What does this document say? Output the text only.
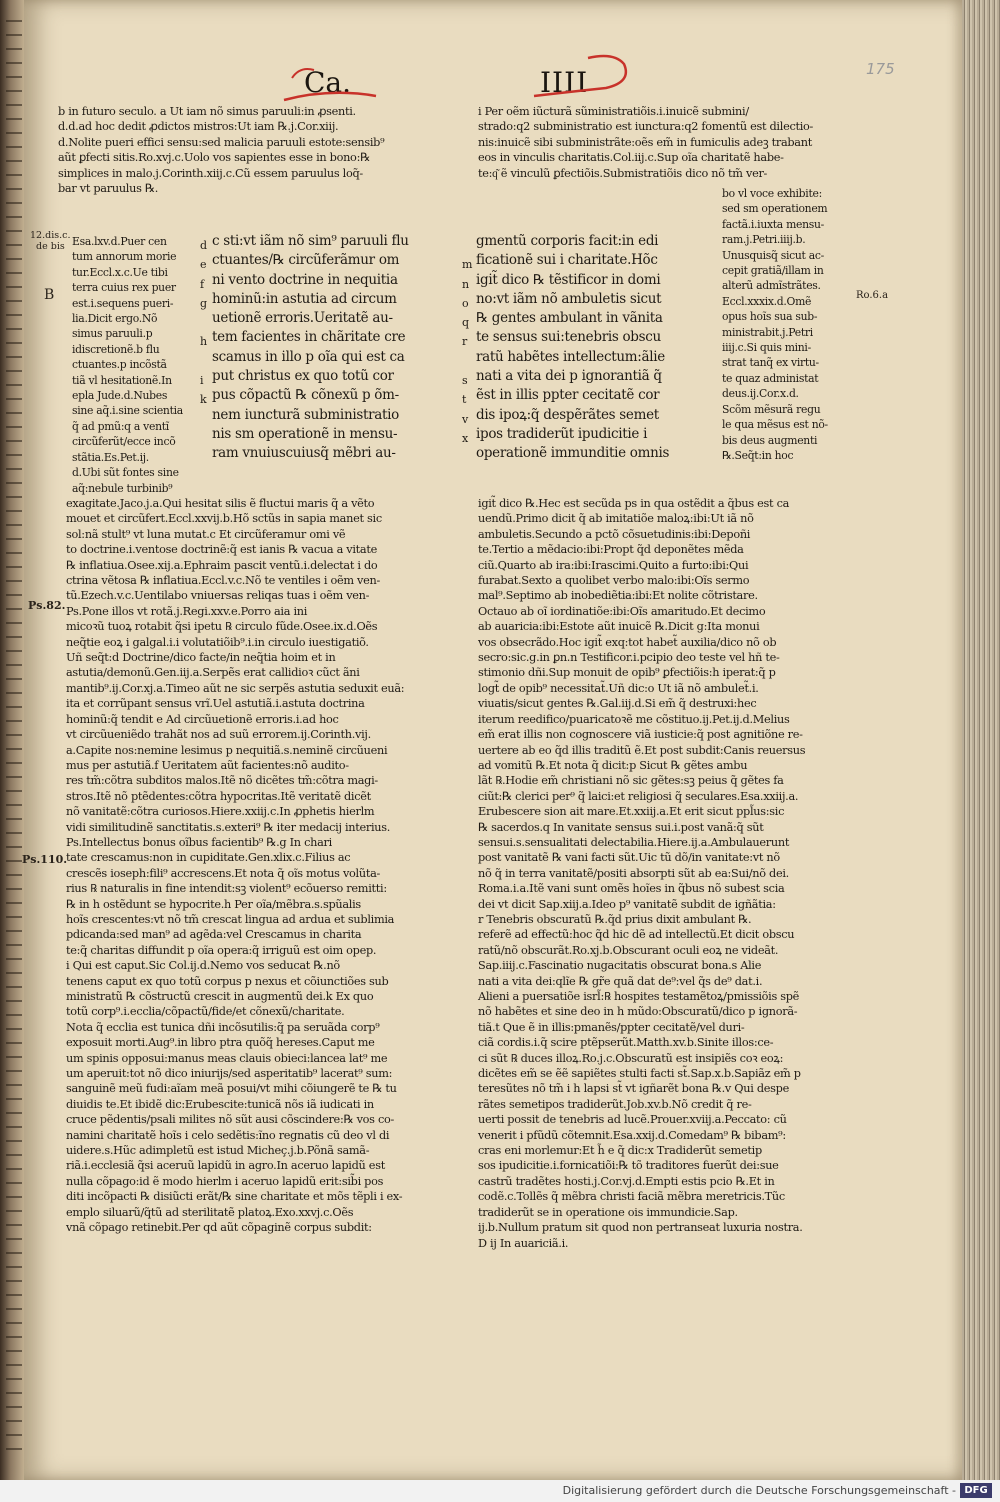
175
Ca.	IIII
b in futuro seculo. a Ut iam nõ simus paruuli:in ꝓsenti.
d.d.ad hoc dedit ꝓdictos mistros:Ut iam ℞.j.Cor.xiij.
d.Nolite pueri effici sensu:sed malicia paruuli estote:sensib⁹
aũt ꝑfecti sitis.Ro.xvj.c.Uolo vos sapientes esse in bono:℞
simplices in malo.j.Corinth.xiij.c.Cũ essem paruulus loq̃-
bar vt paruulus ℞.
i Per oẽm iũcturã sũministratiõis.i.inuicẽ submini/
strado:q2 subministratio est iunctura:q2 fomentũ est dilectio-
nis:inuicẽ sibi subministrãte:oẽs em̃ in fumiculis adeꝫ trabant
eos in vinculis charitatis.Col.iij.c.Sup oĩa charitatẽ habe-
te:q͂ ẽ vinculũ ꝑfectiõis.Submistratiõis dico nõ tm̃ ver-
12.dis.c.
de bis
B
Ps.82.
Ps.110.
Ro.6.a
Esa.lxv.d.Puer cen
tum annorum morie
tur.Eccl.x.c.Ue tibi
terra cuius rex puer
est.i.sequens pueri-
lia.Dicit ergo.Nõ
simus paruuli.p
idiscretionẽ.b flu
ctuantes.p incõstã
tiã vl hesitationẽ.In
epla Jude.d.Nubes
sine aq̃.i.sine scientia
q̃ ad pmũ:q a ventĩ
circũferũt/ecce incõ
stãtia.Es.Pet.ij.
d.Ubi sũt fontes sine
aq̃:nebule turbinib⁹
d
e
f
g

h

i
k
c sti:vt iãm nõ sim⁹ paruuli flu
ctuantes/℞ circũferãmur om
ni vento doctrine in nequitia
hominũ:in astutia ad circum
uetionẽ erroris.Ueritatẽ au-
tem facientes in chãritate cre
scamus in illo p oĩa qui est ca
put christus ex quo totũ cor
pus cõpactũ ℞ cõnexũ p õm-
nem iuncturã subministratio
nis sm operationẽ in mensu-
ram vnuiuscuiusq̃ mẽbri au-

m
n
o
q
r

s
t
v
x
gmentũ corporis facit:in edi
ficationẽ sui i charitate.Hõc
igit̃ dico ℞ tẽstificor in domi
no:vt iãm nõ ambuletis sicut
℞ gentes ambulant in vãnita
te sensus sui:tenebris obscu
ratũ habẽtes intellectum:ãlie
nati a vita dei p ignorantiã q̃
ẽst in illis ppter cecitatẽ cor
dis ipoꝝ:q̃ despẽrãtes semet
ipos tradiderũt ipudicitie i
operationẽ immunditie omnis
bo vl voce exhibite:
sed sm operationem
factã.i.iuxta mensu-
ram.j.Petri.iiij.b.
Unusquisq̃ sicut ac-
cepit gratiã/illam in
alterũ admĩstrãtes.
Eccl.xxxix.d.Omẽ
opus hoĩs sua sub-
ministrabit.j.Petri
iiij.c.Si quis mini-
strat tanq̃ ex virtu-
te quaz administat
deus.ij.Cor.x.d.
Scõm mẽsurã regu
le qua mẽsus est nõ-
bis deus augmenti
℞.Seq̃t:in hoc
exagitate.Jaco.j.a.Qui hesitat silis ẽ fluctui maris q̃ a vẽto
mouet et circũfert.Eccl.xxvij.b.Hõ sctũs in sapia manet sic
sol:nã stult⁹ vt luna mutat.c Et circũferamur omi vẽ
to doctrine.i.ventose doctrinẽ:q̃ est ianis ℞ vacua a vitate
℞ inflatiua.Osee.xij.a.Ephraim pascit ventũ.i.delectat i do
ctrina vẽtosa ℞ inflatiua.Eccl.v.c.Nõ te ventiles i oẽm ven-
tũ.Ezech.v.c.Uentilabo vniuersas reliqas tuas i oẽm ven-
Ps.Pone illos vt rotã.j.Regi.xxv.e.Porro aia ini
micoꝛũ tuoꝝ rotabit q̃si ipetu ℞ circulo fũde.Osee.ix.d.Oẽs
neq̃tie eoꝝ i galgal.i.i volutatiõib⁹.i.in circulo iuestigatiõ.
Uñ seq̃t:d Doctrine/dico facte/in neq̃tia hoim et in
astutia/demonũ.Gen.iij.a.Serpẽs erat callidioꝛ cũct ãni
mantib⁹.ij.Cor.xj.a.Timeo aũt ne sic serpẽs astutia seduxit euã:
ita et corrũpant sensus vrĩ.Uel astutiã.i.astuta doctrina
hominũ:q̃ tendit e Ad circũuetionẽ erroris.i.ad hoc
vt circũueniẽdo trahãt nos ad suũ errorem.ij.Corinth.vij.
a.Capite nos:nemine lesimus p nequitiã.s.neminẽ circũueni
mus per astutiã.f Ueritatem aũt facientes:nõ audito-
res tm̃:cõtra subditos malos.Itẽ nõ dicẽtes tm̃:cõtra magi-
stros.Itẽ nõ ptẽdentes:cõtra hypocritas.Itẽ veritatẽ dicẽt
nõ vanitatẽ:cõtra curiosos.Hiere.xxiij.c.In ꝓphetis hierlm
vidi similitudinẽ sanctitatis.s.exteri⁹ ℞ iter medacij interius.
Ps.Intellectus bonus oĩbus facientib⁹ ℞.g In chari
tate crescamus:non in cupiditate.Gen.xlix.c.Filius ac
crescẽs ioseph:fili⁹ accrescens.Et nota q̃ oĩs motus volũta-
rius ℞ naturalis in fine intendit:sꝫ violent⁹ ecõuerso remitti:
℞ in h ostẽdunt se hypocrite.h Per oĩa/mẽbra.s.spũalis
hoĩs crescentes:vt nõ tm̃ crescat lingua ad ardua et sublimia
pdicanda:sed man⁹ ad agẽda:vel Crescamus in charita
te:q̃ charitas diffundit p oĩa opera:q̃ irriguũ est oim opep.
i Qui est caput.Sic Col.ij.d.Nemo vos seducat ℞.nõ
tenens caput ex quo totũ corpus p nexus et cõiunctiões sub
ministratũ ℞ cõstructũ crescit in augmentũ dei.k Ex quo
totũ corp⁹.i.ecclia/cõpactũ/fide/et cõnexũ/charitate.
Nota q̃ ecclia est tunica dñi incõsutilis:q̃ pa seruãda corp⁹
exposuit morti.Aug⁹.in libro ptra quõq̃ hereses.Caput me
um spinis opposui:manus meas clauis obieci:lancea lat⁹ me
um aperuit:tot nõ dico iniurijs/sed asperitatib⁹ lacerat⁹ sum:
sanguinẽ meũ fudi:aĩam meã posui/vt mihi cõiungerẽ te ℞ tu
diuidis te.Et ibidẽ dic:Erubescite:tunicã nõs iã iudicati in
cruce pẽdentis/psali milites nõ sũt ausi cõscindere:℞ vos co-
namini charitatẽ hoĩs i celo sedẽtis:ĩno regnatis cũ deo vl di
uidere.s.Hũc adimpletũ est istud Micheç.j.b.Põnã samã-
riã.i.ecclesiã q̃si aceruũ lapidũ in agro.In aceruo lapidũ est
nulla cõpago:id ẽ modo hierlm i aceruo lapidũ erit:sib̃i pos
diti incõpacti ℞ disiũcti erãt/℞ sine charitate et mõs tẽpli i ex-
emplo siluarũ/q̃tũ ad sterilitatẽ platoꝝ.Exo.xxvj.c.Oẽs
vnã cõpago retinebit.Per qd aũt cõpaginẽ corpus subdit:
igit̃ dico ℞.Hec est secũda ps in qua ostẽdit a q̃bus est ca
uendũ.Primo dicit q̃ ab imitatiõe maloꝝ:ibi:Ut iã nõ
ambuletis.Secundo a pctõ cõsuetudinis:ibi:Depoñi
te.Tertio a mẽdacio:ibi:Propt q̃d deponẽtes mẽda
ciũ.Quarto ab ira:ibi:Irascimi.Quito a furto:ibi:Qui
furabat.Sexto a quolibet verbo malo:ibi:Oĩs sermo
mal⁹.Septimo ab inobediẽtia:ibi:Et nolite cõtristare.
Octauo ab oĩ iordinatiõe:ibi:Oĩs amaritudo.Et decimo
ab auaricia:ibi:Estote aũt inuicẽ ℞.Dicit g:Ita monui
vos obsecrãdo.Hoc igit̃ exq:tot habet̃ auxilia/dico nõ ob
secro:sic.g.in ꝑn.n Testificor.i.pcipio deo teste vel hñ te-
stimonio dñi.Sup monuit de opib⁹ ꝑfectiõis:h iperat:q̃ p
logt̃ de opib⁹ necessitat̃.Uñ dic:o Ut iã nõ ambulet̃.i.
viuatis/sicut gentes ℞.Gal.iij.d.Si em̃ q̃ destruxi:hec
iterum reedifico/puaricatoꝛẽ me cõstituo.ij.Pet.ij.d.Melius
em̃ erat illis non cognoscere viã iusticie:q̃ post agnitiõne re-
uertere ab eo q̃d illis traditũ ẽ.Et post subdit:Canis reuersus
ad vomitũ ℞.Et nota q̃ dicit:p Sicut ℞ gẽtes ambu
lãt ℞.Hodie em̃ christiani nõ sic gẽtes:sꝫ peius q̃ gẽtes fa
ciũt:℞ clerici per⁹ q̃ laici:et religiosi q̃ seculares.Esa.xxiij.a.
Erubescere sion ait mare.Et.xxiij.a.Et erit sicut ppl̃us:sic
℞ sacerdos.q In vanitate sensus sui.i.post vanã:q̃ sũt
sensui.s.sensualitati delectabilia.Hiere.ij.a.Ambulauerunt
post vanitatẽ ℞ vani facti sũt.Uic tũ dõ/in vanitate:vt nõ
nõ q̃ in terra vanitatẽ/positi absorpti sũt ab ea:Sui/nõ dei.
Roma.i.a.Itẽ vani sunt omẽs hoĩes in q̃bus nõ subest scia
dei vt dicit Sap.xiij.a.Ideo p⁹ vanitatẽ subdit de igñãtia:
r Tenebris obscuratũ ℞.q̃d prius dixit ambulant ℞.
referẽ ad effectũ:hoc q̃d hic dẽ ad intellectũ.Et dicit obscu
ratũ/nõ obscurãt.Ro.xj.b.Obscurant oculi eoꝝ ne videãt.
Sap.iiij.c.Fascinatio nugacitatis obscurat bona.s Alie
nati a vita dei:qlĩe ℞ gr̃e quã dat de⁹:vel q̃s de⁹ dat.i.
Alieni a puersatiõe isrl̃:℞ hospites testamẽtoꝝ/pmissiõis spẽ
nõ habẽtes et sine deo in h mũdo:Obscuratũ/dico p ignorã-
tiã.t Que ẽ in illis:pmanẽs/ppter cecitatẽ/vel duri-
ciã cordis.i.q̃ scire ptẽpserũt.Matth.xv.b.Sinite illos:ce-
ci sũt ℞ duces illoꝝ.Ro.j.c.Obscuratũ est insipiẽs coꝛ eoꝝ:
dicẽtes em̃ se ẽẽ sapiẽtes stulti facti st̃.Sap.x.b.Sapiãz em̃ p
teresũtes nõ tm̃ i h lapsi st̃ vt igñarẽt bona ℞.v Qui despe
rãtes semetipos tradiderũt.Job.xv.b.Nõ credit q̃ re-
uerti possit de tenebris ad lucẽ.Prouer.xviij.a.Peccato: cũ
venerit i pfũdũ cõtemnit.Esa.xxij.d.Comedam⁹ ℞ bibam⁹:
cras eni morlemur:Et h̃ e q̃ dic:x Tradiderũt semetip
sos ipudicitie.i.fornicatiõi:℞ tõ traditores fuerũt dei:sue
castrũ tradẽtes hosti.j.Cor.vj.d.Empti estis pcio ℞.Et in
codẽ.c.Tollẽs q̃ mẽbra christi faciã mẽbra meretricis.Tũc
tradiderũt se in operatione ois immundicie.Sap.
ij.b.Nullum pratum sit quod non pertranseat luxuria nostra.
D ij In auariciã.i.
Digitalisierung gefördert durch die Deutsche Forschungsgemeinschaft - DFG
